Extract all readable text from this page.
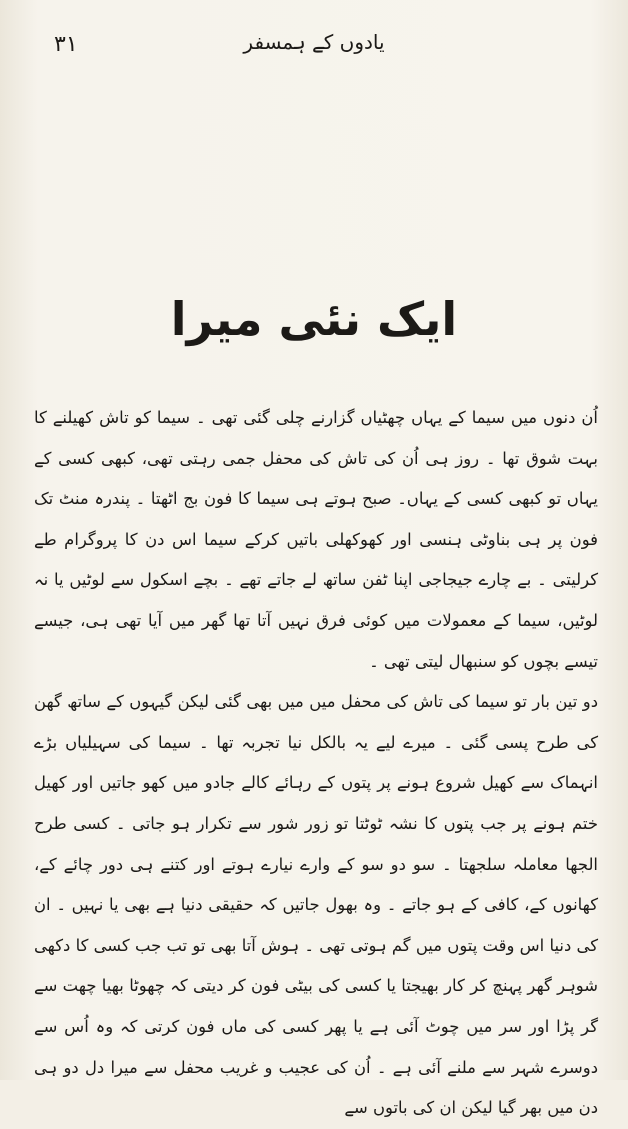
یادوں کے ہمسفر
۳۱
ایک نئی میرا

اُن دنوں میں سیما کے یہاں چھٹیاں گزارنے چلی گئی تھی ۔ سیما کو تاش کھیلنے کا بہت شوق تھا ۔ روز ہی اُن کی تاش کی محفل جمی رہتی تھی، کبھی کسی کے یہاں تو کبھی کسی کے یہاں۔ صبح ہوتے ہی سیما کا فون بج اٹھتا ۔ پندرہ منٹ تک فون پر ہی بناوٹی ہنسی اور کھوکھلی باتیں کرکے سیما اس دن کا پروگرام طے کرلیتی ۔ بے چارے جیجاجی اپنا ٹفن ساتھ لے جاتے تھے ۔ بچے اسکول سے لوٹیں یا نہ لوٹیں، سیما کے معمولات میں کوئی فرق نہیں آتا تھا گھر میں آیا تھی ہی، جیسے تیسے بچوں کو سنبھال لیتی تھی ۔

دو تین بار تو سیما کی تاش کی محفل میں میں بھی گئی لیکن گیہوں کے ساتھ گھن کی طرح پسی گئی ۔ میرے لیے یہ بالکل نیا تجربہ تھا ۔ سیما کی سہیلیاں بڑے انہماک سے کھیل شروع ہونے پر پتوں کے رہائے کالے جادو میں کھو جاتیں اور کھیل ختم ہونے پر جب پتوں کا نشہ ٹوٹتا تو زور شور سے تکرار ہو جاتی ۔ کسی طرح الجھا معاملہ سلجھتا ۔ سو دو سو کے وارے نیارے ہوتے اور کتنے ہی دور چائے کے، کھانوں کے، کافی کے ہو جاتے ۔ وہ بھول جاتیں کہ حقیقی دنیا ہے بھی یا نہیں ۔ ان کی دنیا اس وقت پتوں میں گم ہوتی تھی ۔ ہوش آتا بھی تو تب جب کسی کا دکھی شوہر گھر پہنچ کر کار بھیجتا یا کسی کی بیٹی فون کر دیتی کہ چھوٹا بھیا چھت سے گر پڑا اور سر میں چوٹ آئی ہے یا پھر کسی کی ماں فون کرتی کہ وہ اُس سے دوسرے شہر سے ملنے آئی ہے ۔ اُن کی عجیب و غریب محفل سے میرا دل دو ہی دن میں بھر گیا لیکن ان کی باتوں سے
